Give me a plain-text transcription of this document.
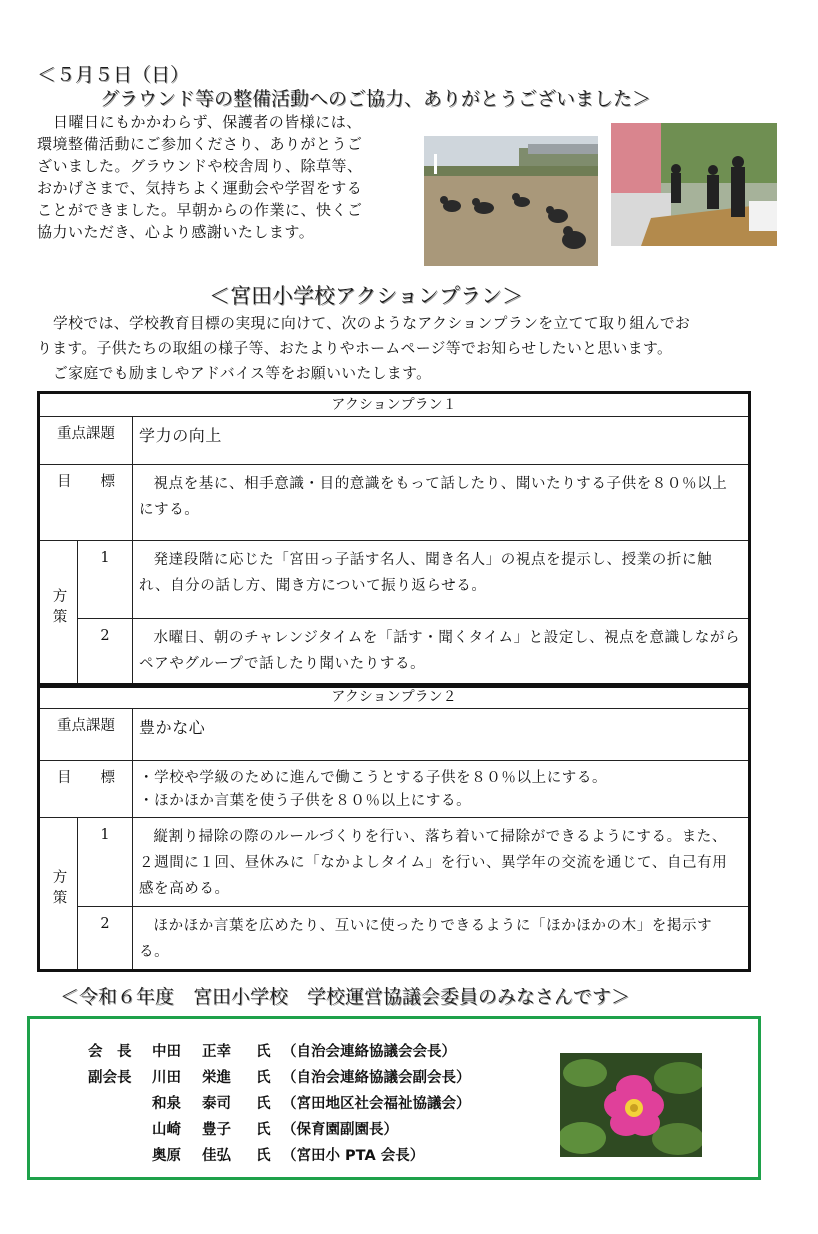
＜５月５日（日）
グラウンド等の整備活動へのご協力、ありがとうございました＞
日曜日にもかかわらず、保護者の皆様には、
環境整備活動にご参加くださり、ありがとうご
ざいました。グラウンドや校舎周り、除草等、
おかげさまで、気持ちよく運動会や学習をする
ことができました。早朝からの作業に、快くご
協力いただき、心より感謝いたします。
＜宮田小学校アクションプラン＞
学校では、学校教育目標の実現に向けて、次のようなアクションプランを立てて取り組んでお
ります。子供たちの取組の様子等、おたよりやホームページ等でお知らせしたいと思います。
ご家庭でも励ましやアドバイス等をお願いいたします。
アクションプラン１		
重点課題		学力の向上
目　　標		視点を基に、相手意識・目的意識をもって話したり、聞いたりする子供を８０％以上にする。
方策	1	発達段階に応じた「宮田っ子話す名人、聞き名人」の視点を提示し、授業の折に触れ、自分の話し方、聞き方について振り返らせる。
	2	水曜日、朝のチャレンジタイムを「話す・聞くタイム」と設定し、視点を意識しながらペアやグループで話したり聞いたりする。
アクションプラン２		
重点課題		豊かな心
目　　標		・学校や学級のために進んで働こうとする子供を８０％以上にする。
・ほかほか言葉を使う子供を８０％以上にする。

方策	1	縦割り掃除の際のルールづくりを行い、落ち着いて掃除ができるようにする。また、２週間に１回、昼休みに「なかよしタイム」を行い、異学年の交流を通じて、自己有用感を高める。
	2	ほかほか言葉を広めたり、互いに使ったりできるように「ほかほかの木」を掲示する。
＜令和６年度　宮田小学校　学校運営協議会委員のみなさんです＞
会　長 中田 正幸 氏 （自治会連絡協議会会長）
副会長 川田 栄進 氏 （自治会連絡協議会副会長）
和泉 泰司 氏 （宮田地区社会福祉協議会）
山崎 豊子 氏 （保育園副園長）
奥原 佳弘 氏 （宮田小 PTA 会長）
